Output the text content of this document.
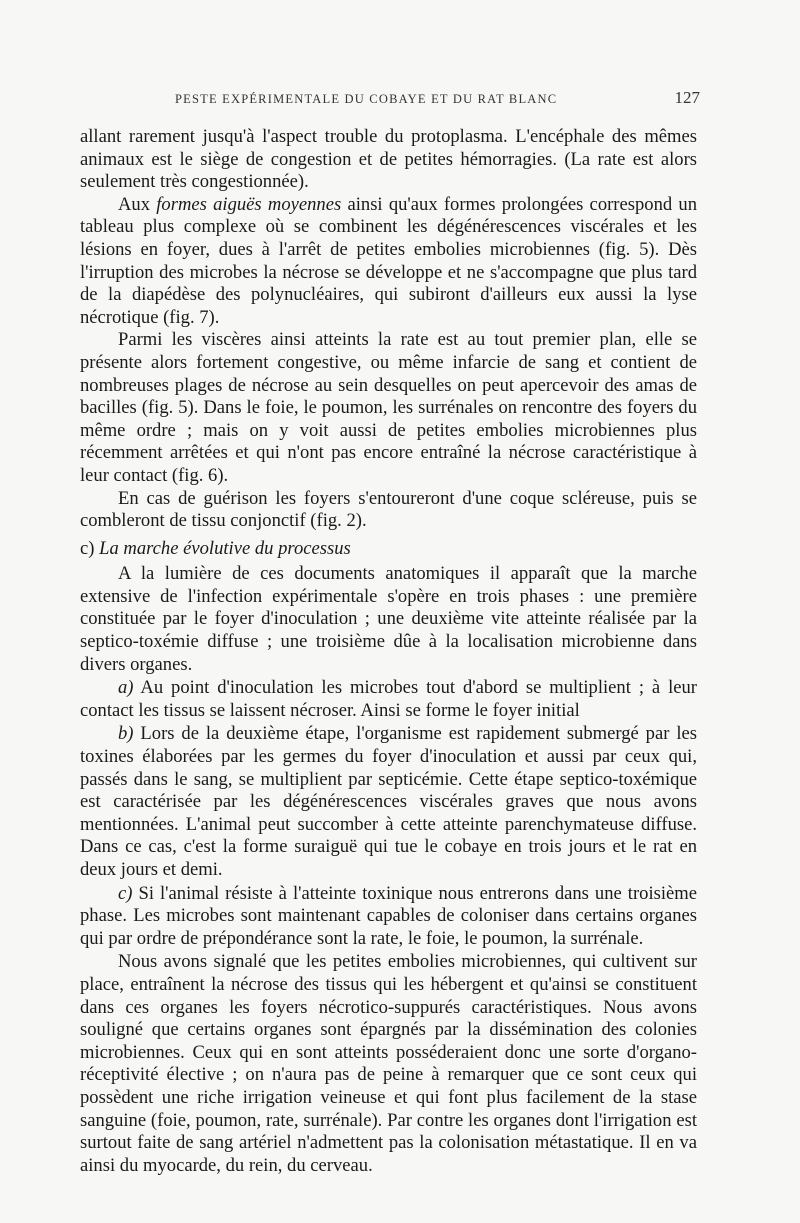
PESTE EXPÉRIMENTALE DU COBAYE ET DU RAT BLANC	127

allant rarement jusqu'à l'aspect trouble du protoplasma. L'encéphale des mêmes animaux est le siège de congestion et de petites hémorragies. (La rate est alors seulement très congestionnée).

Aux formes aiguës moyennes ainsi qu'aux formes prolongées correspond un tableau plus complexe où se combinent les dégénérescences viscérales et les lésions en foyer, dues à l'arrêt de petites embolies microbiennes (fig. 5). Dès l'irruption des microbes la nécrose se développe et ne s'accompagne que plus tard de la diapédèse des polynucléaires, qui subiront d'ailleurs eux aussi la lyse nécrotique (fig. 7).

Parmi les viscères ainsi atteints la rate est au tout premier plan, elle se présente alors fortement congestive, ou même infarcie de sang et contient de nombreuses plages de nécrose au sein desquelles on peut apercevoir des amas de bacilles (fig. 5). Dans le foie, le poumon, les surrénales on rencontre des foyers du même ordre ; mais on y voit aussi de petites embolies microbiennes plus récemment arrêtées et qui n'ont pas encore entraîné la nécrose caractéristique à leur contact (fig. 6).

En cas de guérison les foyers s'entoureront d'une coque scléreuse, puis se combleront de tissu conjonctif (fig. 2).

c) La marche évolutive du processus

A la lumière de ces documents anatomiques il apparaît que la marche extensive de l'infection expérimentale s'opère en trois phases : une première constituée par le foyer d'inoculation ; une deuxième vite atteinte réalisée par la septico-toxémie diffuse ; une troisième dûe à la localisation microbienne dans divers organes.

a) Au point d'inoculation les microbes tout d'abord se multiplient ; à leur contact les tissus se laissent nécroser. Ainsi se forme le foyer initial

b) Lors de la deuxième étape, l'organisme est rapidement submergé par les toxines élaborées par les germes du foyer d'inoculation et aussi par ceux qui, passés dans le sang, se multiplient par septicémie. Cette étape septico-toxémique est caractérisée par les dégénérescences viscérales graves que nous avons mentionnées. L'animal peut succomber à cette atteinte parenchymateuse diffuse. Dans ce cas, c'est la forme suraiguë qui tue le cobaye en trois jours et le rat en deux jours et demi.

c) Si l'animal résiste à l'atteinte toxinique nous entrerons dans une troisième phase. Les microbes sont maintenant capables de coloniser dans certains organes qui par ordre de prépondérance sont la rate, le foie, le poumon, la surrénale.

Nous avons signalé que les petites embolies microbiennes, qui cultivent sur place, entraînent la nécrose des tissus qui les hébergent et qu'ainsi se constituent dans ces organes les foyers nécrotico-suppurés caractéristiques. Nous avons souligné que certains organes sont épargnés par la dissémination des colonies microbiennes. Ceux qui en sont atteints posséderaient donc une sorte d'organo-réceptivité élective ; on n'aura pas de peine à remarquer que ce sont ceux qui possèdent une riche irrigation veineuse et qui font plus facilement de la stase sanguine (foie, poumon, rate, surrénale). Par contre les organes dont l'irrigation est surtout faite de sang artériel n'admettent pas la colonisation métastatique. Il en va ainsi du myocarde, du rein, du cerveau.
